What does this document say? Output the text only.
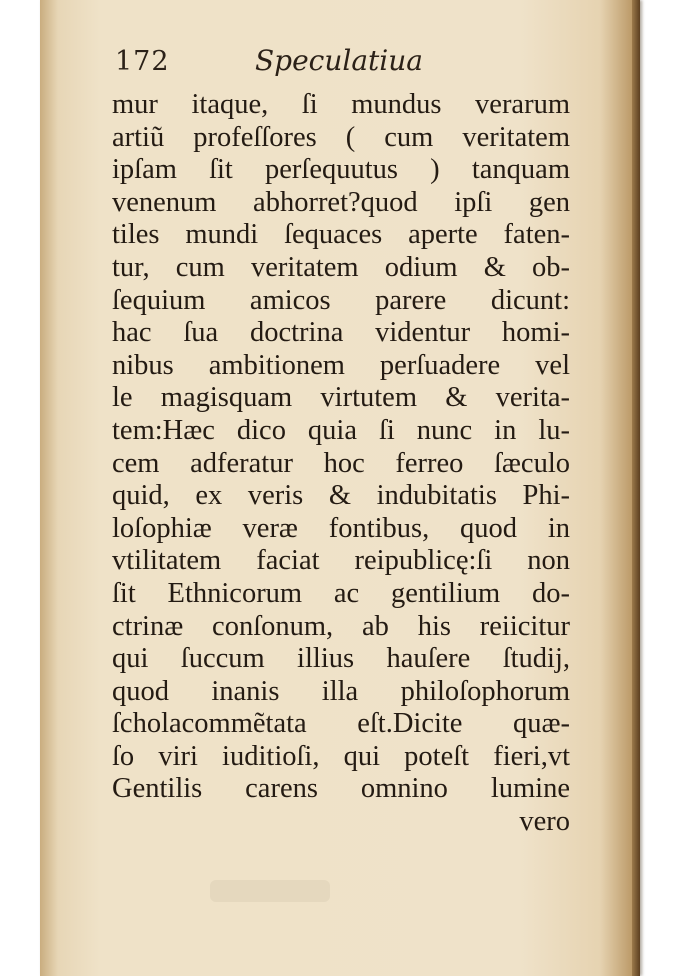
172	Speculatiua
mur itaque, ſi mundus verarum
artiũ profeſſores ( cum veritatem
ipſam ſit perſequutus ) tanquam
venenum abhorret?quod ipſi gen
tiles mundi ſequaces aperte faten-
tur, cum veritatem odium & ob-
ſequium amicos parere dicunt:
hac ſua doctrina videntur homi-
nibus ambitionem perſuadere vel
le magisquam virtutem & verita-
tem:Hæc dico quia ſi nunc in lu-
cem adferatur hoc ferreo ſæculo
quid, ex veris & indubitatis Phi-
loſophiæ veræ fontibus, quod in
vtilitatem faciat reipublicę:ſi non
ſit Ethnicorum ac gentilium do-
ctrinæ conſonum, ab his reiicitur
qui ſuccum illius hauſere ſtudij,
quod inanis illa philoſophorum
ſcholacommẽtata eſt.Dicite quæ-
ſo viri iuditioſi, qui poteſt fieri,vt
Gentilis carens omnino lumine
vero
